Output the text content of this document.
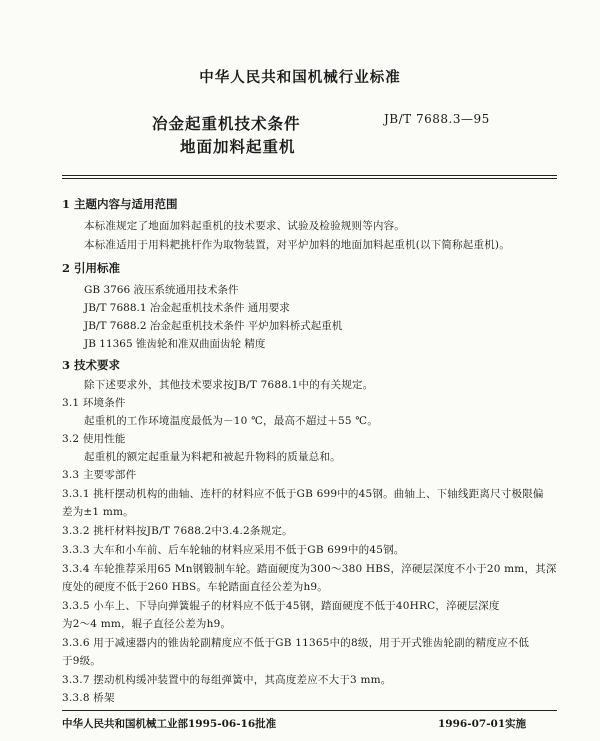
中华人民共和国机械行业标准
冶金起重机技术条件
地面加料起重机
JB/T 7688.3—95
1 主题内容与适用范围
本标准规定了地面加料起重机的技术要求、试验及检验规则等内容。
本标准适用于用料耙挑杆作为取物装置，对平炉加料的地面加料起重机(以下简称起重机)。
2 引用标准
GB 3766 液压系统通用技术条件
JB/T 7688.1 冶金起重机技术条件 通用要求
JB/T 7688.2 冶金起重机技术条件 平炉加料桥式起重机
JB 11365 锥齿轮和准双曲面齿轮 精度
3 技术要求
除下述要求外，其他技术要求按JB/T 7688.1中的有关规定。
3.1 环境条件
起重机的工作环境温度最低为－10 ℃，最高不超过＋55 ℃。
3.2 使用性能
起重机的额定起重量为料耙和被起升物料的质量总和。
3.3 主要零部件
3.3.1 挑杆摆动机构的曲轴、连杆的材料应不低于GB 699中的45钢。曲轴上、下轴线距离尺寸极限偏
差为±1 mm。
3.3.2 挑杆材料按JB/T 7688.2中3.4.2条规定。
3.3.3 大车和小车前、后车轮轴的材料应采用不低于GB 699中的45钢。
3.3.4 车轮推荐采用65 Mn钢锻制车轮。踏面硬度为300～380 HBS，淬硬层深度不小于20 mm，其深
度处的硬度不低于260 HBS。车轮踏面直径公差为h9。
3.3.5 小车上、下导向弹簧辊子的材料应不低于45钢，踏面硬度不低于40HRC，淬硬层深度
为2～4 mm，辊子直径公差为h9。
3.3.6 用于减速器内的锥齿轮副精度应不低于GB 11365中的8级，用于开式锥齿轮副的精度应不低
于9级。
3.3.7 摆动机构缓冲装置中的每组弹簧中，其高度差应不大于3 mm。
3.3.8 桥架
中华人民共和国机械工业部1995-06-16批准	1996-07-01实施
